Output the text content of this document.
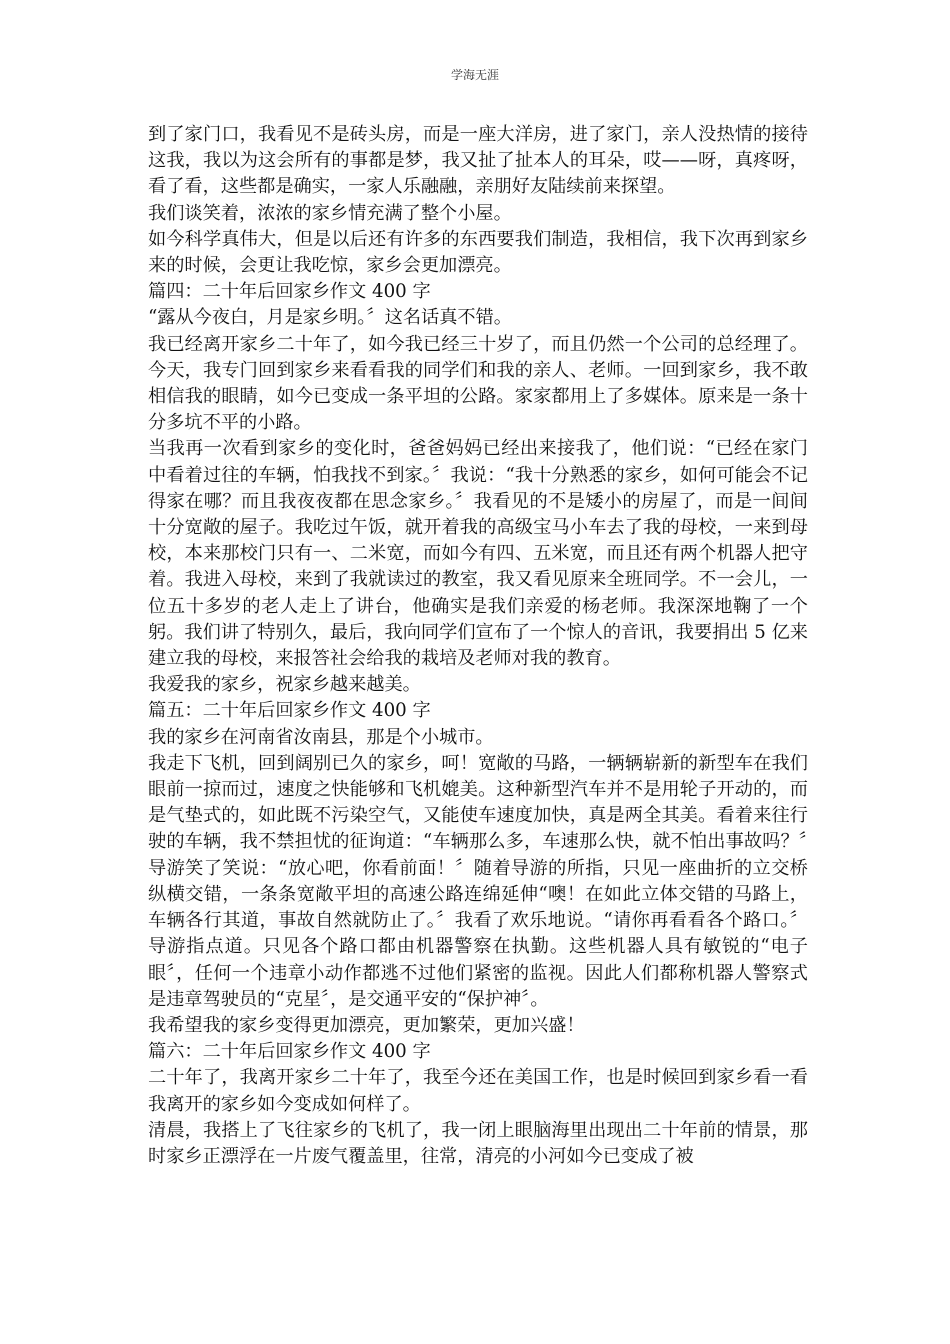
学海无涯

到了家门口，我看见不是砖头房，而是一座大洋房，进了家门，亲人没热情的接待这我，我以为这会所有的事都是梦，我又扯了扯本人的耳朵，哎——呀，真疼呀，看了看，这些都是确实，一家人乐融融，亲朋好友陆续前来探望。

我们谈笑着，浓浓的家乡情充满了整个小屋。

如今科学真伟大，但是以后还有许多的东西要我们制造，我相信，我下次再到家乡来的时候，会更让我吃惊，家乡会更加漂亮。

篇四：二十年后回家乡作文 400 字

“露从今夜白，月是家乡明。〞这名话真不错。

我已经离开家乡二十年了，如今我已经三十岁了，而且仍然一个公司的总经理了。今天，我专门回到家乡来看看我的同学们和我的亲人、老师。一回到家乡，我不敢相信我的眼睛，如今已变成一条平坦的公路。家家都用上了多媒体。原来是一条十分多坑不平的小路。

当我再一次看到家乡的变化时，爸爸妈妈已经出来接我了，他们说：“已经在家门中看着过往的车辆，怕我找不到家。〞我说：“我十分熟悉的家乡，如何可能会不记得家在哪？而且我夜夜都在思念家乡。〞我看见的不是矮小的房屋了，而是一间间十分宽敞的屋子。我吃过午饭，就开着我的高级宝马小车去了我的母校，一来到母校，本来那校门只有一、二米宽，而如今有四、五米宽，而且还有两个机器人把守着。我进入母校，来到了我就读过的教室，我又看见原来全班同学。不一会儿，一位五十多岁的老人走上了讲台，他确实是我们亲爱的杨老师。我深深地鞠了一个躬。我们讲了特别久，最后，我向同学们宣布了一个惊人的音讯，我要捐出 5 亿来建立我的母校，来报答社会给我的栽培及老师对我的教育。

我爱我的家乡，祝家乡越来越美。

篇五：二十年后回家乡作文 400 字

我的家乡在河南省汝南县，那是个小城市。

我走下飞机，回到阔别已久的家乡，呵！宽敞的马路，一辆辆崭新的新型车在我们眼前一掠而过，速度之快能够和飞机媲美。这种新型汽车并不是用轮子开动的，而是气垫式的，如此既不污染空气，又能使车速度加快，真是两全其美。看着来往行驶的车辆，我不禁担忧的征询道：“车辆那么多，车速那么快，就不怕出事故吗？〞导游笑了笑说：“放心吧，你看前面！〞随着导游的所指，只见一座曲折的立交桥纵横交错，一条条宽敞平坦的高速公路连绵延伸“噢！在如此立体交错的马路上，车辆各行其道，事故自然就防止了。〞我看了欢乐地说。“请你再看看各个路口。〞导游指点道。只见各个路口都由机器警察在执勤。这些机器人具有敏锐的“电子眼〞，任何一个违章小动作都逃不过他们紧密的监视。因此人们都称机器人警察式是违章驾驶员的“克星〞，是交通平安的“保护神〞。

我希望我的家乡变得更加漂亮，更加繁荣，更加兴盛！

篇六：二十年后回家乡作文 400 字

二十年了，我离开家乡二十年了，我至今还在美国工作，也是时候回到家乡看一看我离开的家乡如今变成如何样了。

清晨，我搭上了飞往家乡的飞机了，我一闭上眼脑海里出现出二十年前的情景，那时家乡正漂浮在一片废气覆盖里，往常，清亮的小河如今已变成了被
